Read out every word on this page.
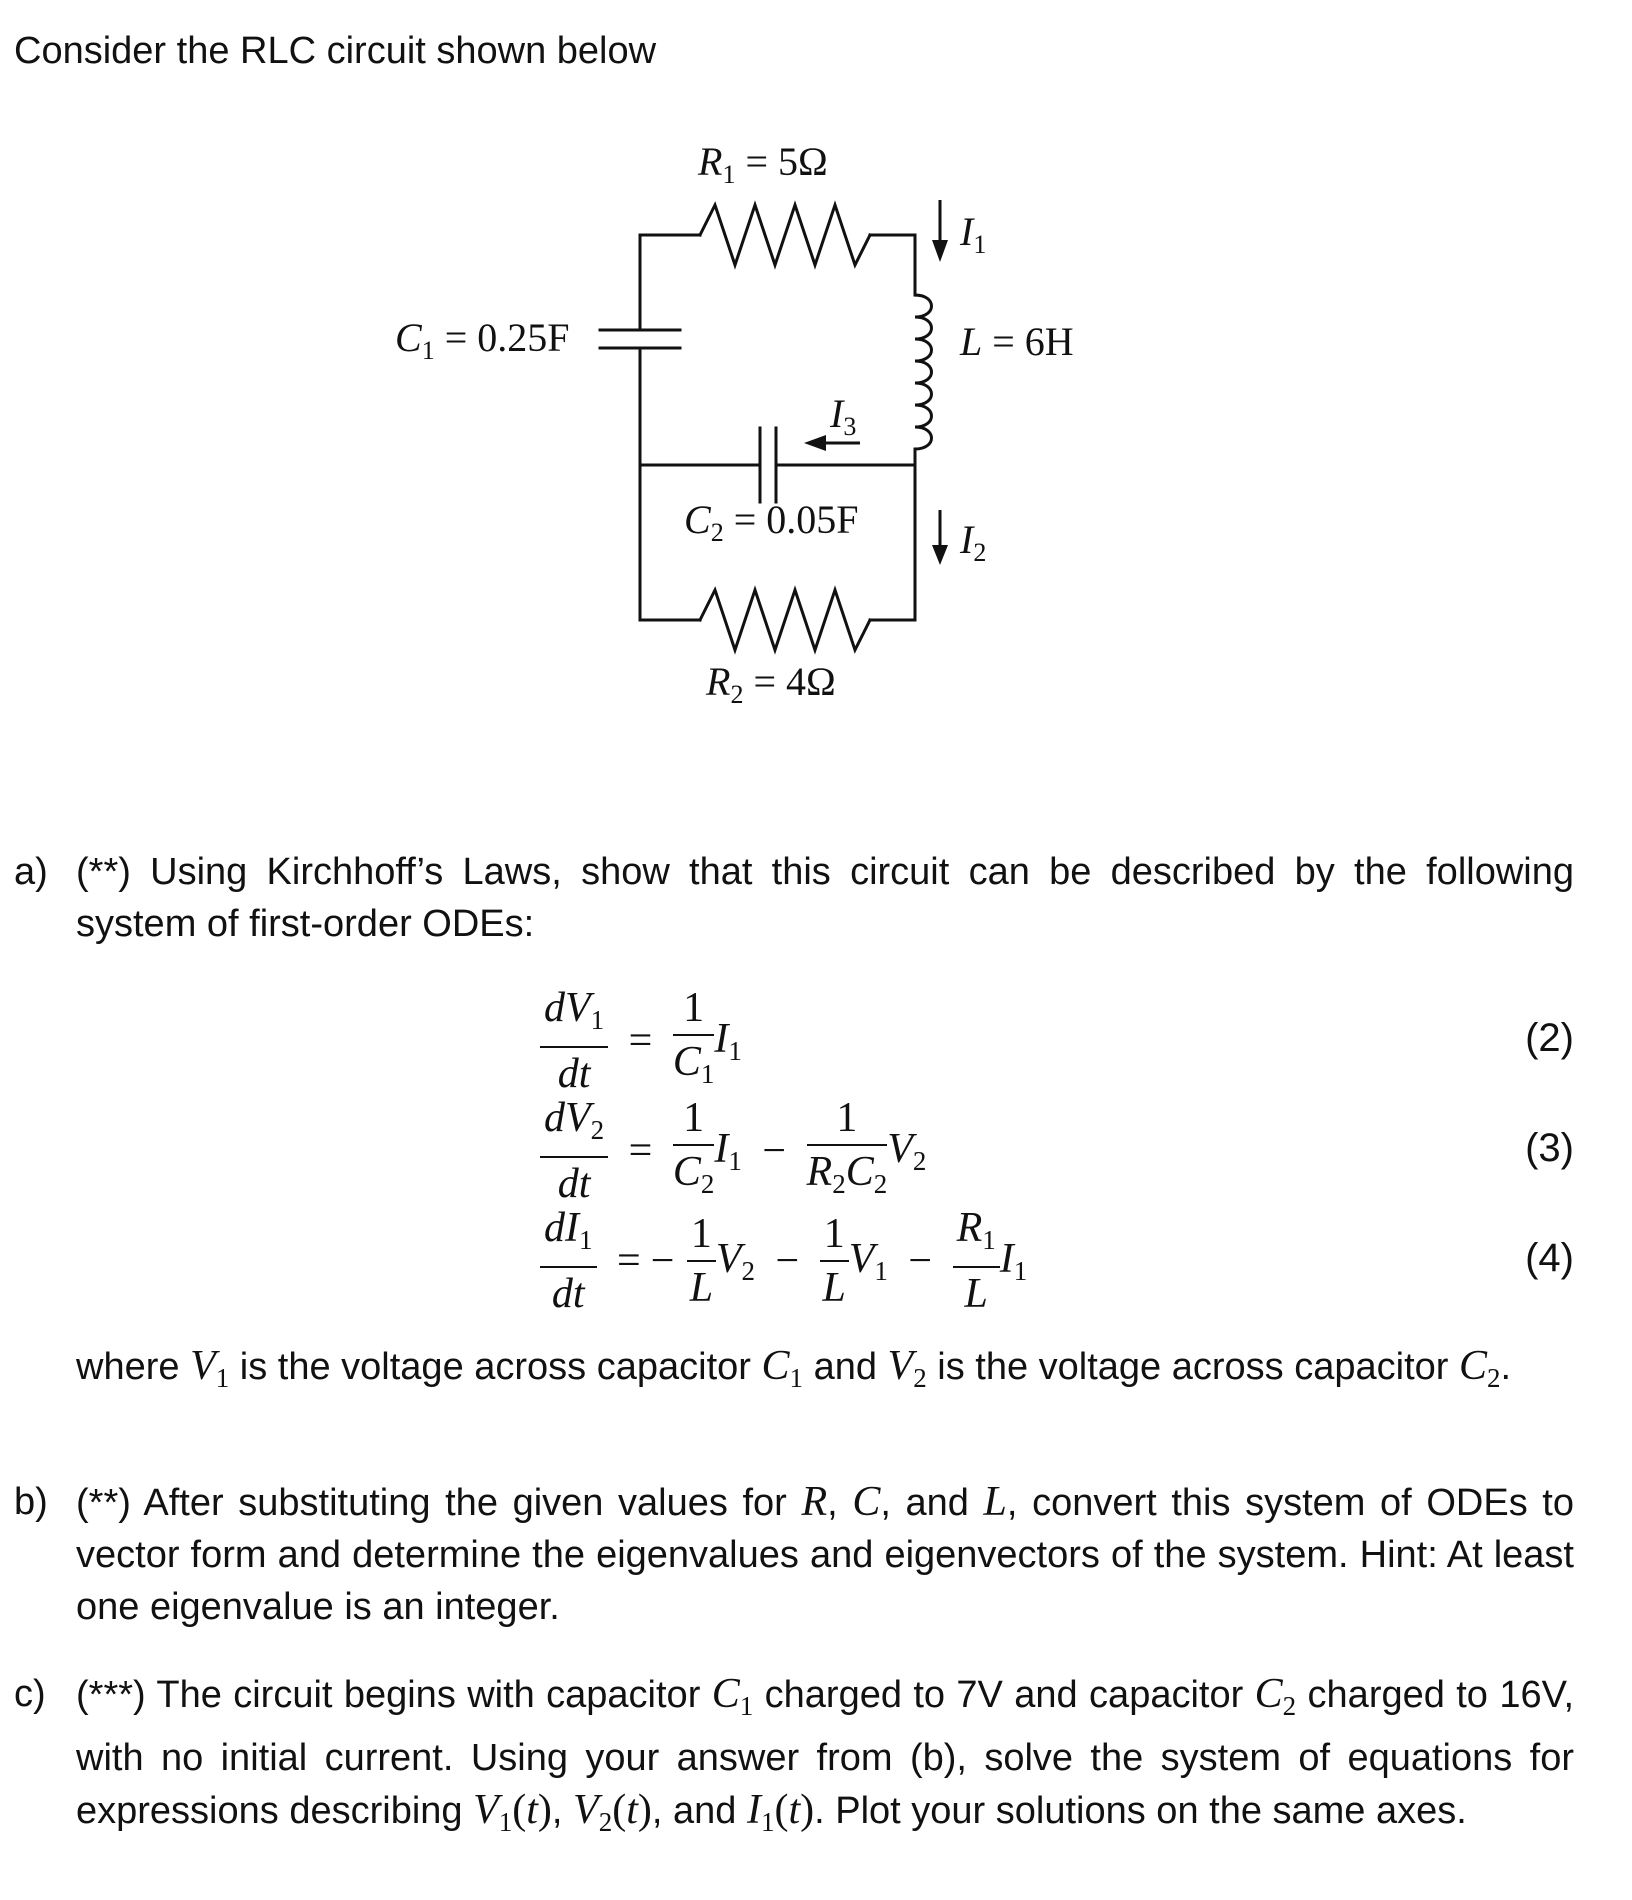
Consider the RLC circuit shown below
$R_1 = 5\Omega$
$I_1$
$C_1 = 0.25F$	L = 6H
$I_3$
$C_2 = 0.05F$	$I_2$
$R_2 = 4\Omega$
a) (**) Using Kirchhoff’s Laws, show that this circuit can be described by the following system of first-order ODEs:
$\frac{dV_1}{dt} = \frac{1}{C_1} I_1$	(2)
$\frac{dV_2}{dt} = \frac{1}{C_2} I_1 - \frac{1}{R_2C_2} V_2$	(3)
$\frac{dI_1}{dt}$ = − $\frac{1}{L} V_2 - \frac{1}{L} V_1 - \frac{R_1}{L} I_1$	(4)
where $V_1$ is the voltage across capacitor $C_1$ and $V_2$ is the voltage across capacitor $C_2$.
b) (**) After substituting the given values for R, C, and L, convert this system of ODEs to vector form and determine the eigenvalues and eigenvectors of the system. Hint: At least one eigenvalue is an integer.
c) (***) The circuit begins with capacitor $C_1$ charged to 7V and capacitor $C_2$ charged to 16V, with no initial current. Using your answer from (b), solve the system of equations for expressions describing $V_1(t)$, $V_2(t)$, and $I_1(t)$. Plot your solutions on the same axes.
